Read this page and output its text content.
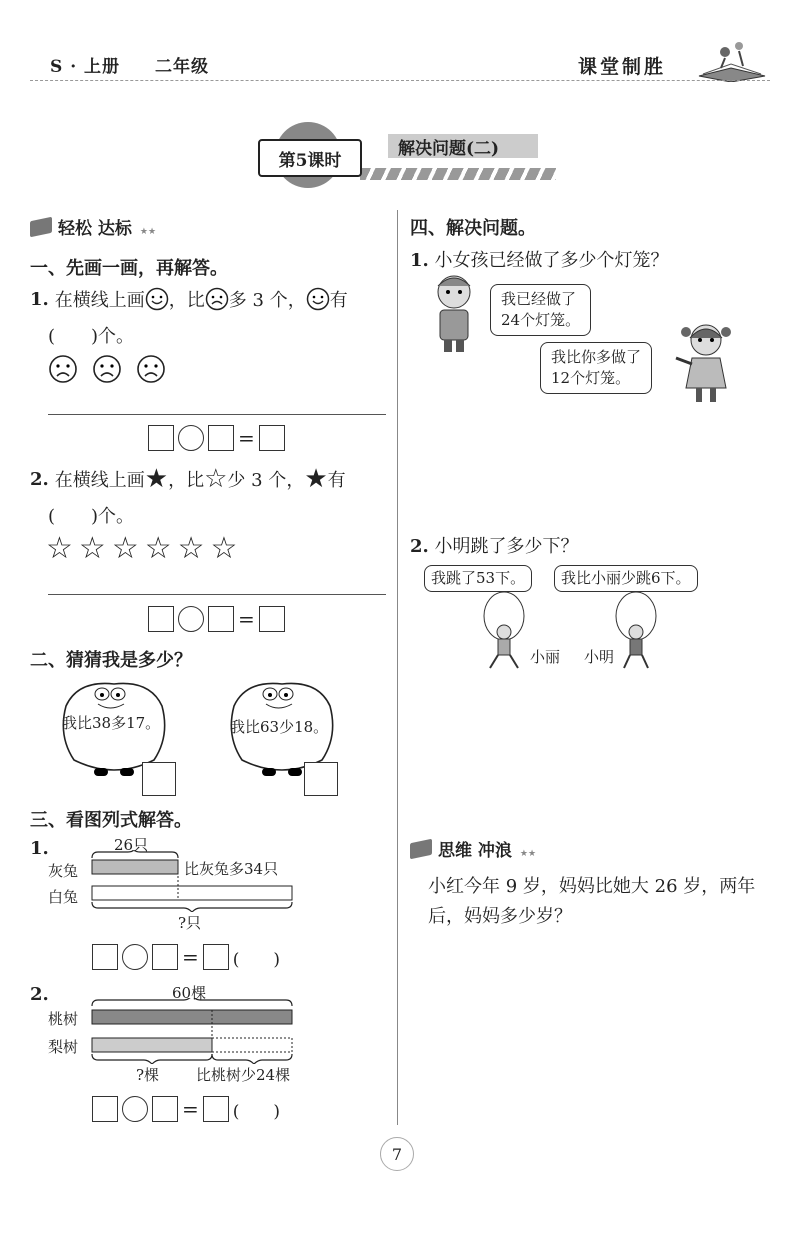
S · 上册 二年级	课堂制胜
第5课时
解决问题(二)
轻松 达标 ★★
一、先画一画，再解答。
1. 在横线上画 ，比 多 3 个， 有
(　　)个。
=
2. 在横线上画 ★ ，比 ☆ 少 3 个， ★ 有
(　　)个。
☆ ☆ ☆ ☆ ☆ ☆
=
二、猜猜我是多少？
我比38多17。	我比63少18。
三、看图列式解答。
1.	26只
灰兔
白兔
比灰兔多34只
?只
= (　　)
2.	60棵
桃树
梨树
?棵 比桃树少24棵
= (　　)
四、解决问题。
1. 小女孩已经做了多少个灯笼？
我已经做了
24个灯笼。
我比你多做了
12个灯笼。
2. 小明跳了多少下？
我跳了53下。	我比小丽少跳6下。
小丽 小明
思维 冲浪 ★★
小红今年 9 岁，妈妈比她大 26 岁，两年后，妈妈多少岁？
7
